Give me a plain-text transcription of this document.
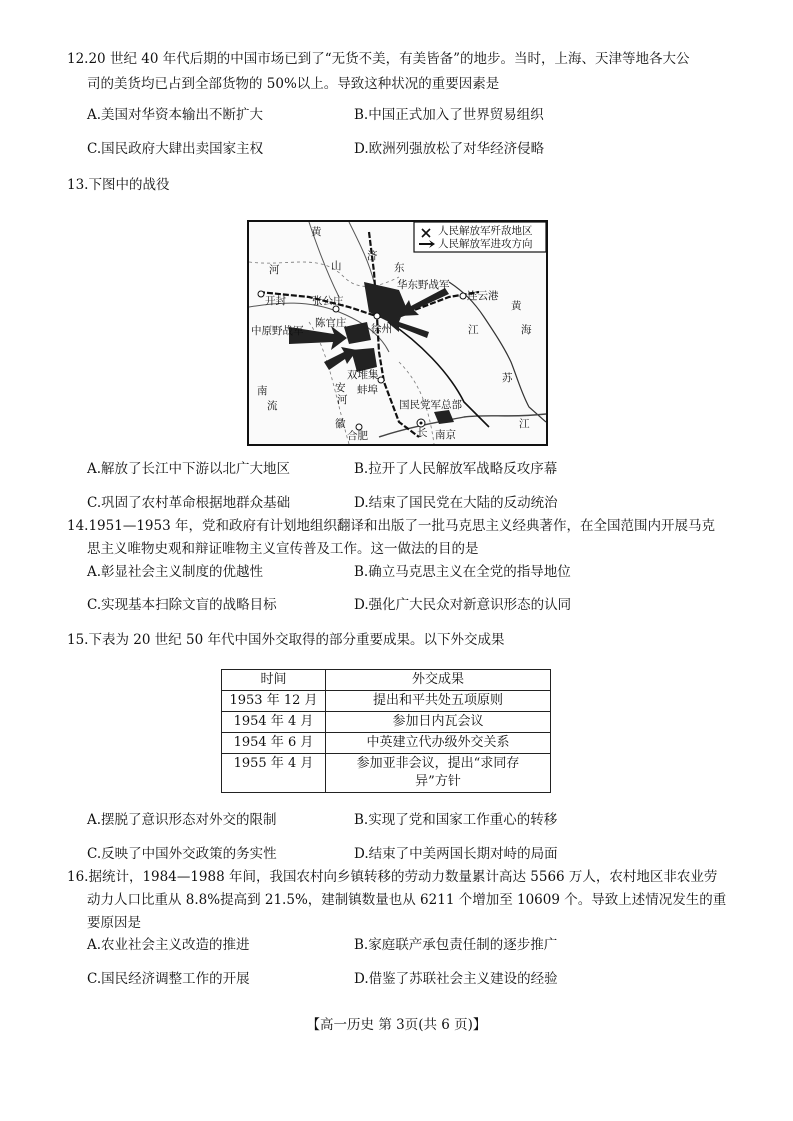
12.20 世纪 40 年代后期的中国市场已到了“无货不美，有美皆备”的地步。当时，上海、天津等地各大公
司的美货均已占到全部货物的 50%以上。导致这种状况的重要因素是
A.美国对华资本输出不断扩大	B.中国正式加入了世界贸易组织
C.国民政府大肆出卖国家主权	D.欧洲列强放松了对华经济侵略
13.下图中的战役
人民解放军歼敌地区
人民解放军进攻方向
黄
河	山	东
济
开封 张公庄
陈官庄
华东野战军
连云港
黄
海
中原野战军	徐州	江
南
流
双堆集
安
河
蚌埠
苏
国民党军总部
徽
合肥	长 南京
江
A.解放了长江中下游以北广大地区	B.拉开了人民解放军战略反攻序幕
C.巩固了农村革命根据地群众基础	D.结束了国民党在大陆的反动统治
14.1951—1953 年，党和政府有计划地组织翻译和出版了一批马克思主义经典著作，在全国范围内开展马克
思主义唯物史观和辩证唯物主义宣传普及工作。这一做法的目的是
A.彰显社会主义制度的优越性	B.确立马克思主义在全党的指导地位
C.实现基本扫除文盲的战略目标	D.强化广大民众对新意识形态的认同
15.下表为 20 世纪 50 年代中国外交取得的部分重要成果。以下外交成果
时间	外交成果
1953 年 12 月	提出和平共处五项原则
1954 年 4 月	参加日内瓦会议
1954 年 6 月	中英建立代办级外交关系
1955 年 4 月	参加亚非会议，提出“求同存异”方针
A.摆脱了意识形态对外交的限制	B.实现了党和国家工作重心的转移
C.反映了中国外交政策的务实性	D.结束了中美两国长期对峙的局面
16.据统计，1984—1988 年间，我国农村向乡镇转移的劳动力数量累计高达 5566 万人，农村地区非农业劳
动力人口比重从 8.8%提高到 21.5%，建制镇数量也从 6211 个增加至 10609 个。导致上述情况发生的重
要原因是
A.农业社会主义改造的推进	B.家庭联产承包责任制的逐步推广
C.国民经济调整工作的开展	D.借鉴了苏联社会主义建设的经验
【高一历史 第 3页(共 6 页)】
